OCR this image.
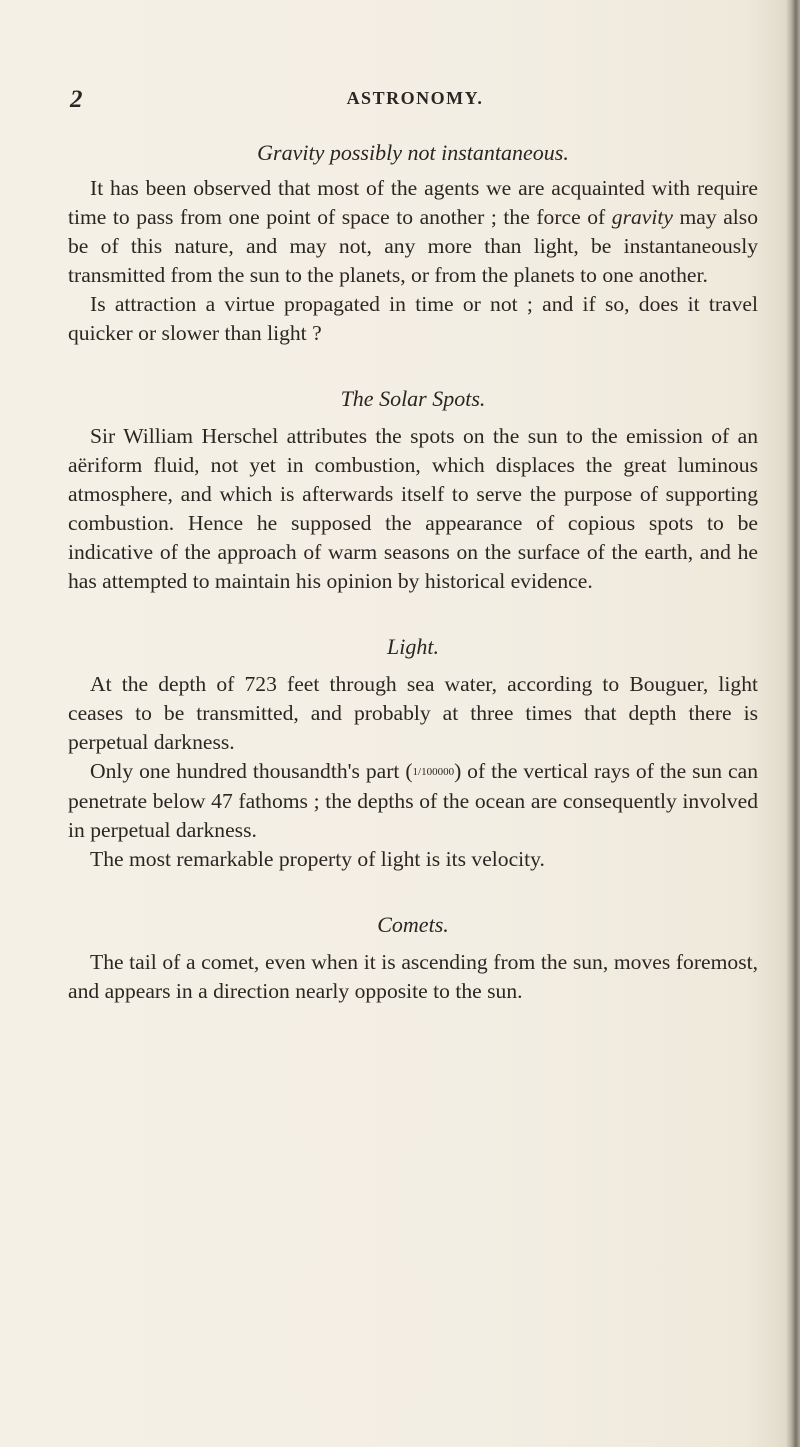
2	ASTRONOMY.
Gravity possibly not instantaneous.

It has been observed that most of the agents we are acquainted with require time to pass from one point of space to another ; the force of gravity may also be of this nature, and may not, any more than light, be instantaneously transmitted from the sun to the planets, or from the planets to one another.

Is attraction a virtue propagated in time or not ; and if so, does it travel quicker or slower than light ?

The Solar Spots.

Sir William Herschel attributes the spots on the sun to the emission of an aëriform fluid, not yet in combustion, which displaces the great luminous atmosphere, and which is afterwards itself to serve the purpose of supporting combustion. Hence he supposed the appearance of copious spots to be indicative of the approach of warm seasons on the surface of the earth, and he has attempted to maintain his opinion by historical evidence.

Light.

At the depth of 723 feet through sea water, according to Bouguer, light ceases to be transmitted, and probably at three times that depth there is perpetual darkness.

Only one hundred thousandth's part (1/100000) of the vertical rays of the sun can penetrate below 47 fathoms ; the depths of the ocean are consequently involved in perpetual darkness.

The most remarkable property of light is its velocity.

Comets.

The tail of a comet, even when it is ascending from the sun, moves foremost, and appears in a direction nearly opposite to the sun.
